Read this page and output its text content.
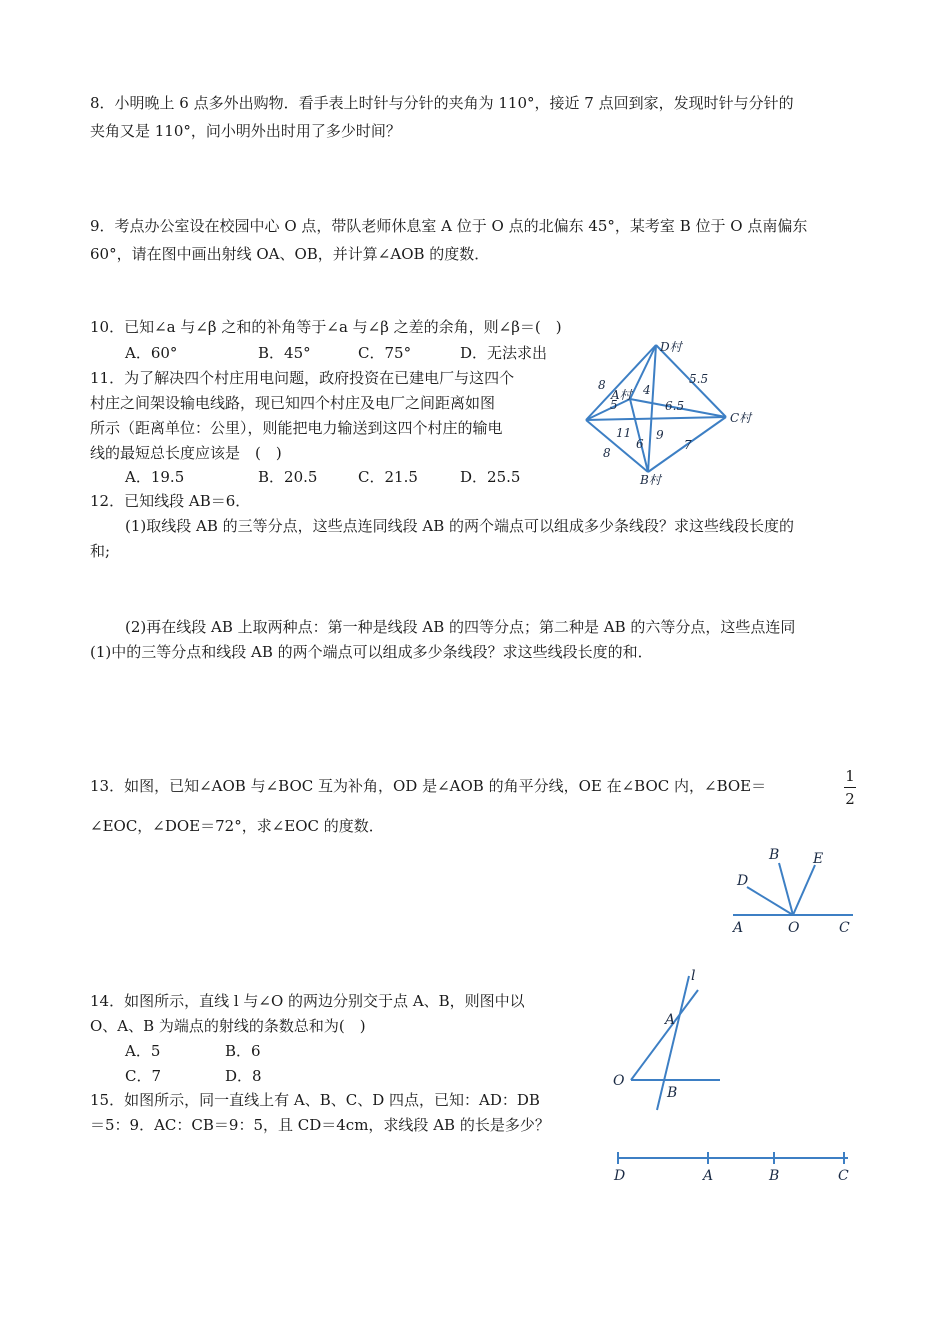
8．小明晚上 6 点多外出购物．看手表上时针与分针的夹角为 110°，接近 7 点回到家，发现时针与分针的
夹角又是 110°，问小明外出时用了多少时间？
9．考点办公室设在校园中心 O 点，带队老师休息室 A 位于 O 点的北偏东 45°，某考室 B 位于 O 点南偏东
60°，请在图中画出射线 OA、OB，并计算∠AOB 的度数．
10．已知∠a 与∠β 之和的补角等于∠a 与∠β 之差的余角，则∠β＝(　)
A．60°	B．45°	C．75°	D．无法求出
11．为了解决四个村庄用电问题，政府投资在已建电厂与这四个
村庄之间架设输电线路，现已知四个村庄及电厂之间距离如图
所示（距离单位：公里），则能把电力输送到这四个村庄的输电
线的最短总长度应该是　(　)
A．19.5	B．20.5	C．21.5	D．25.5
D村
A村
C村
B村
8
5
4
5.5
6.5
11 9
6	7
8
12．已知线段 AB＝6．
(1)取线段 AB 的三等分点，这些点连同线段 AB 的两个端点可以组成多少条线段？求这些线段长度的
和;
(2)再在线段 AB 上取两种点：第一种是线段 AB 的四等分点；第二种是 AB 的六等分点，这些点连同
(1)中的三等分点和线段 AB 的两个端点可以组成多少条线段？求这些线段长度的和．
13．如图，已知∠AOB 与∠BOC 互为补角，OD 是∠AOB 的角平分线，OE 在∠BOC 内，∠BOE＝
1
2
∠EOC，∠DOE＝72°，求∠EOC 的度数．
D
B E
A	O	C
14．如图所示，直线 l 与∠O 的两边分别交于点 A、B，则图中以
O、A、B 为端点的射线的条数总和为(　)
A．5	B．6
C．7	D．8
l
A
O
B
15．如图所示，同一直线上有 A、B、C、D 四点，已知：AD：DB
＝5：9．AC：CB＝9：5，且 CD＝4cm，求线段 AB 的长是多少？
D	A	B	C
